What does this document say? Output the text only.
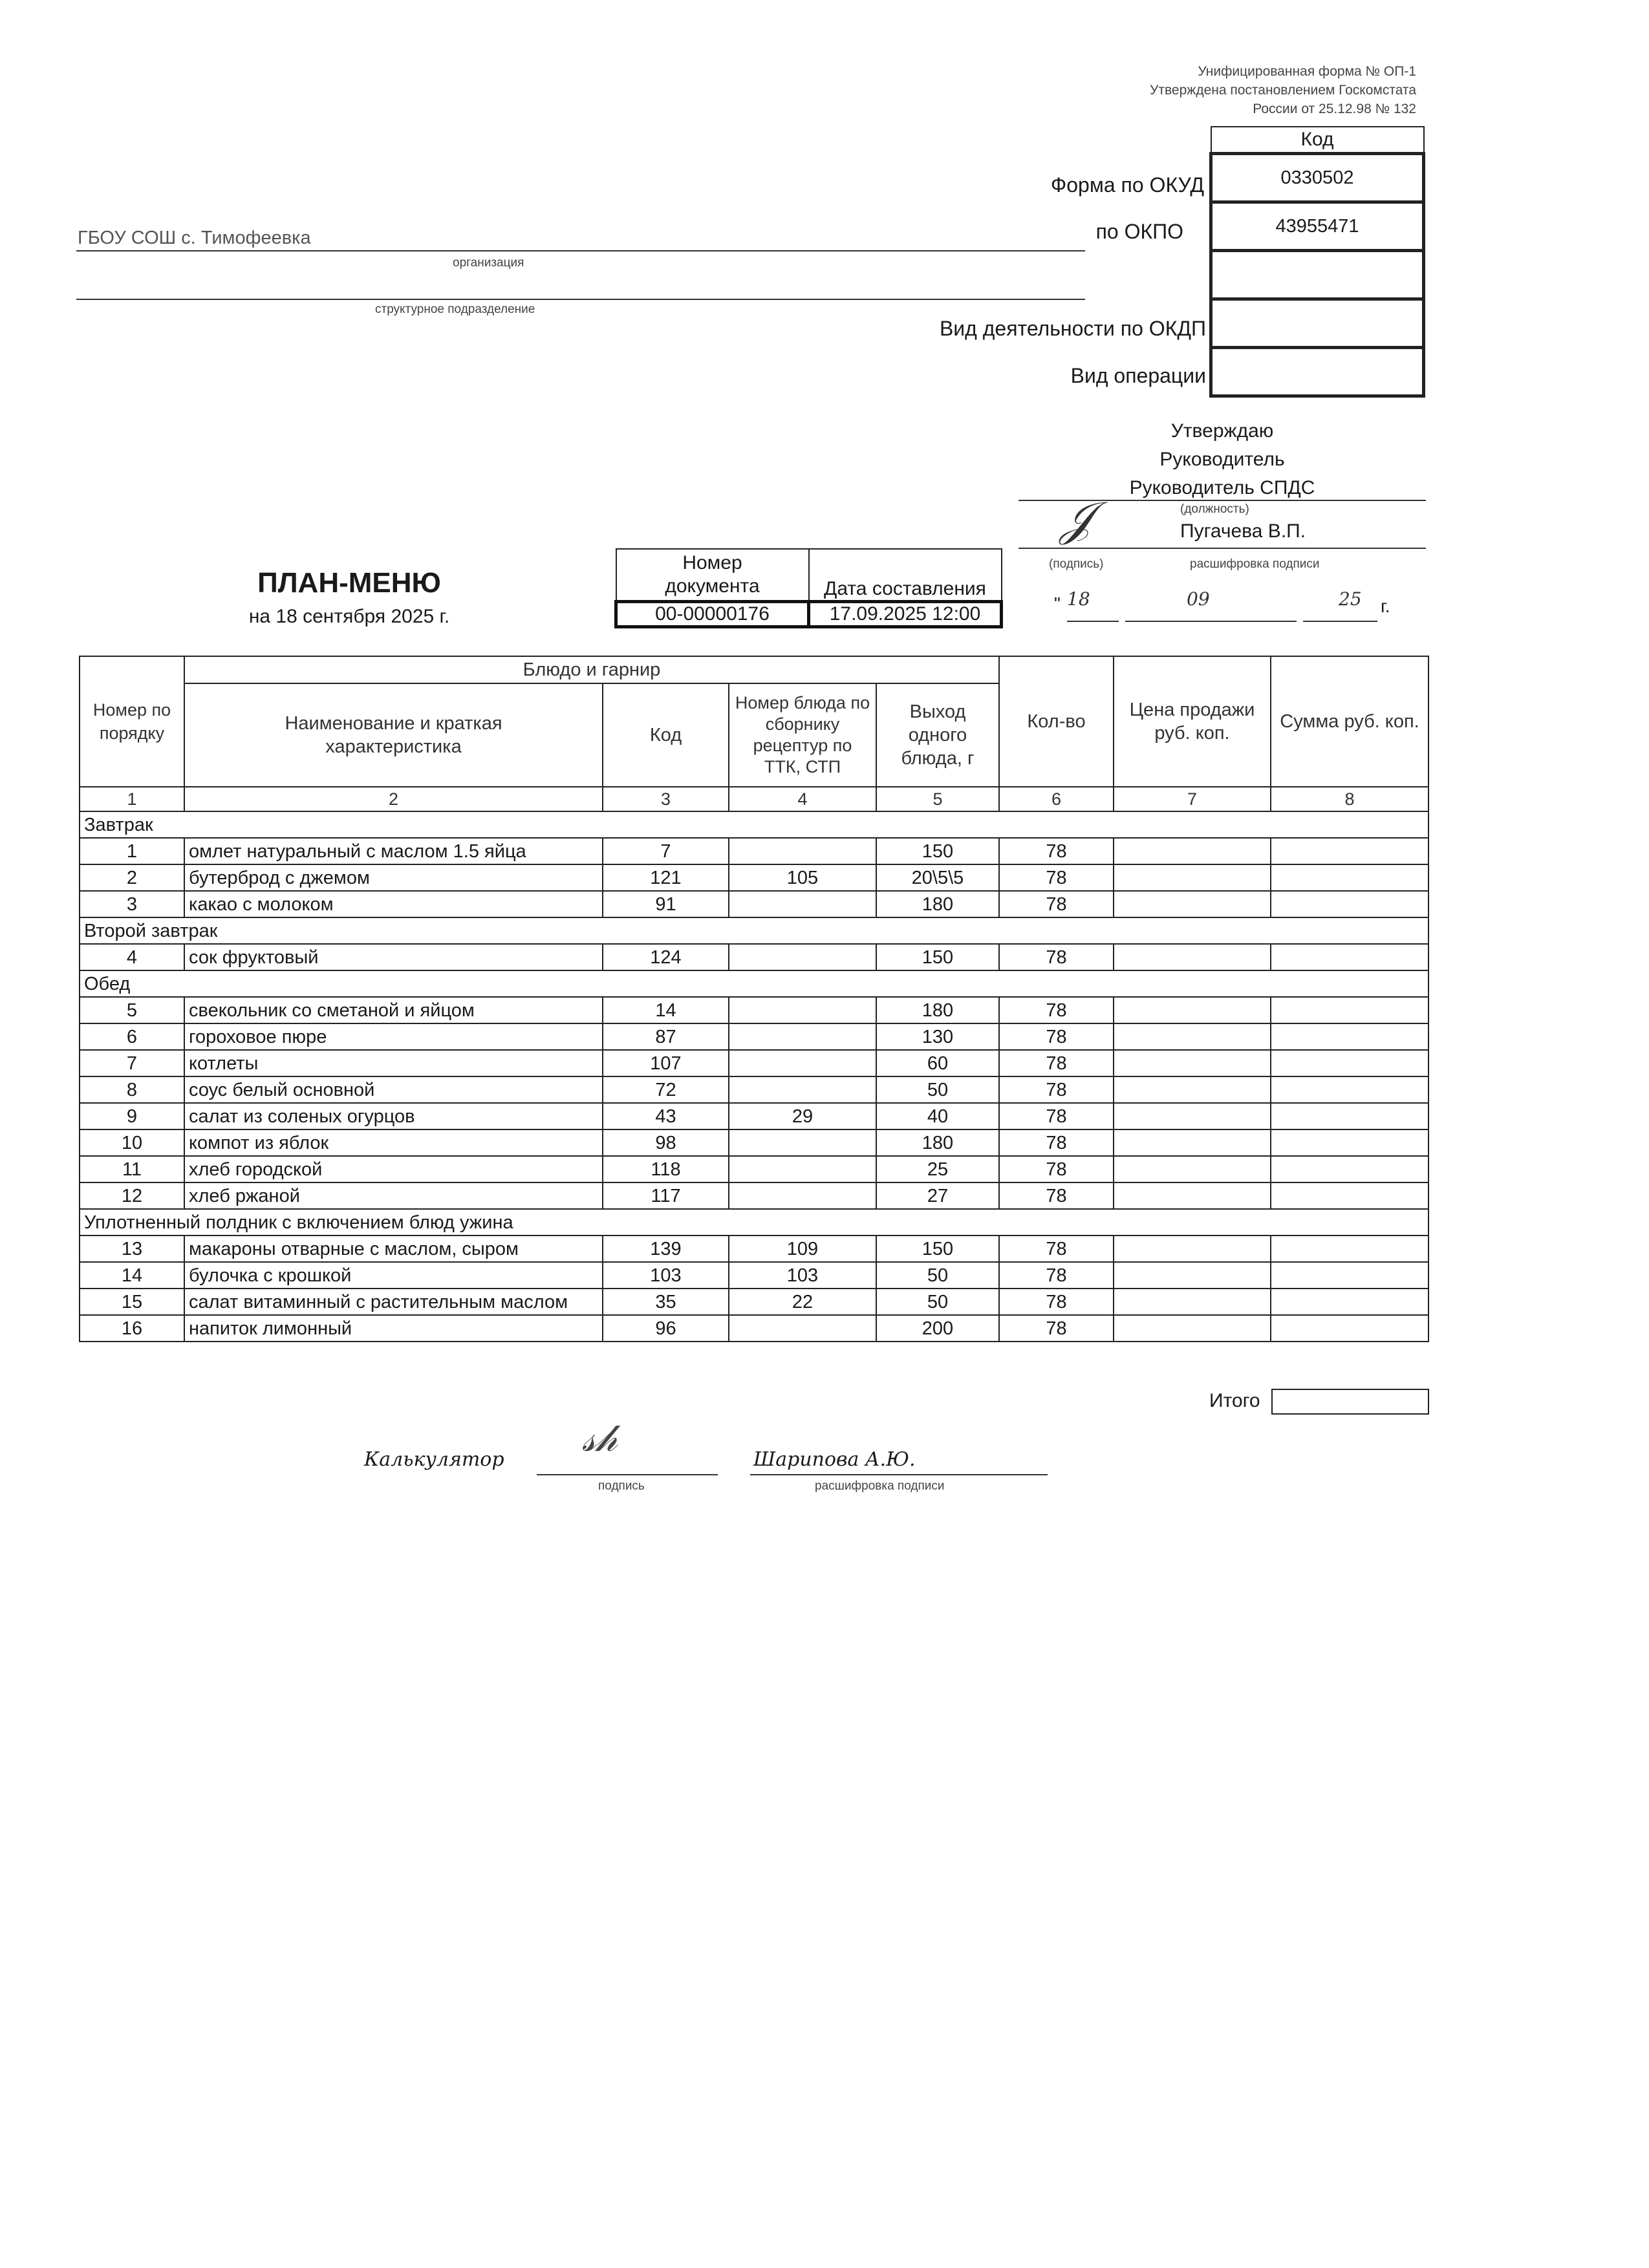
Унифицированная форма № ОП-1
Утверждена постановлением Госкомстата
России от 25.12.98 № 132
Код
0330502
43955471

Форма по ОКУД
по ОКПО
Вид деятельности по ОКДП
Вид операции
ГБОУ СОШ с. Тимофеевка
организация
структурное подразделение
Утверждаю
Руководитель
Руководитель СПДС
(должность)
𝒥	Пугачева В.П.
(подпись)	расшифровка подписи
" 18	09	25 г.
ПЛАН-МЕНЮ
на 18 сентября 2025 г.
Номер
документа	Дата составления
00-00000176	17.09.2025 12:00
Номер по порядку	Блюдо и гарнир				Кол-во	Цена продажи руб. коп.	Сумма руб. коп.
	Наименование и краткая характеристика	Код	Номер блюда по сборнику рецептур по ТТК, СТП	Выход одного блюда, г			
1	2	3	4	5	6	7	8
Завтрак							
1	омлет натуральный с маслом 1.5 яйца	7		150	78		
2	бутерброд с джемом	121	105	20\5\5	78		
3	какао с молоком	91		180	78		
Второй завтрак							
4	сок фруктовый	124		150	78		
Обед							
5	свекольник со сметаной и яйцом	14		180	78		
6	гороховое пюре	87		130	78		
7	котлеты	107		60	78		
8	соус белый основной	72		50	78		
9	салат из соленых огурцов	43	29	40	78		
10	компот из яблок	98		180	78		
11	хлеб городской	118		25	78		
12	хлеб ржаной	117		27	78		
Уплотненный полдник с включением блюд ужина							
13	макароны отварные с маслом, сыром	139	109	150	78		
14	булочка с крошкой	103	103	50	78		
15	салат витаминный с растительным маслом	35	22	50	78		
16	напиток лимонный	96		200	78		
Итого
Калькулятор 𝓈𝒽	Шарипова А.Ю.
подпись	расшифровка подписи
